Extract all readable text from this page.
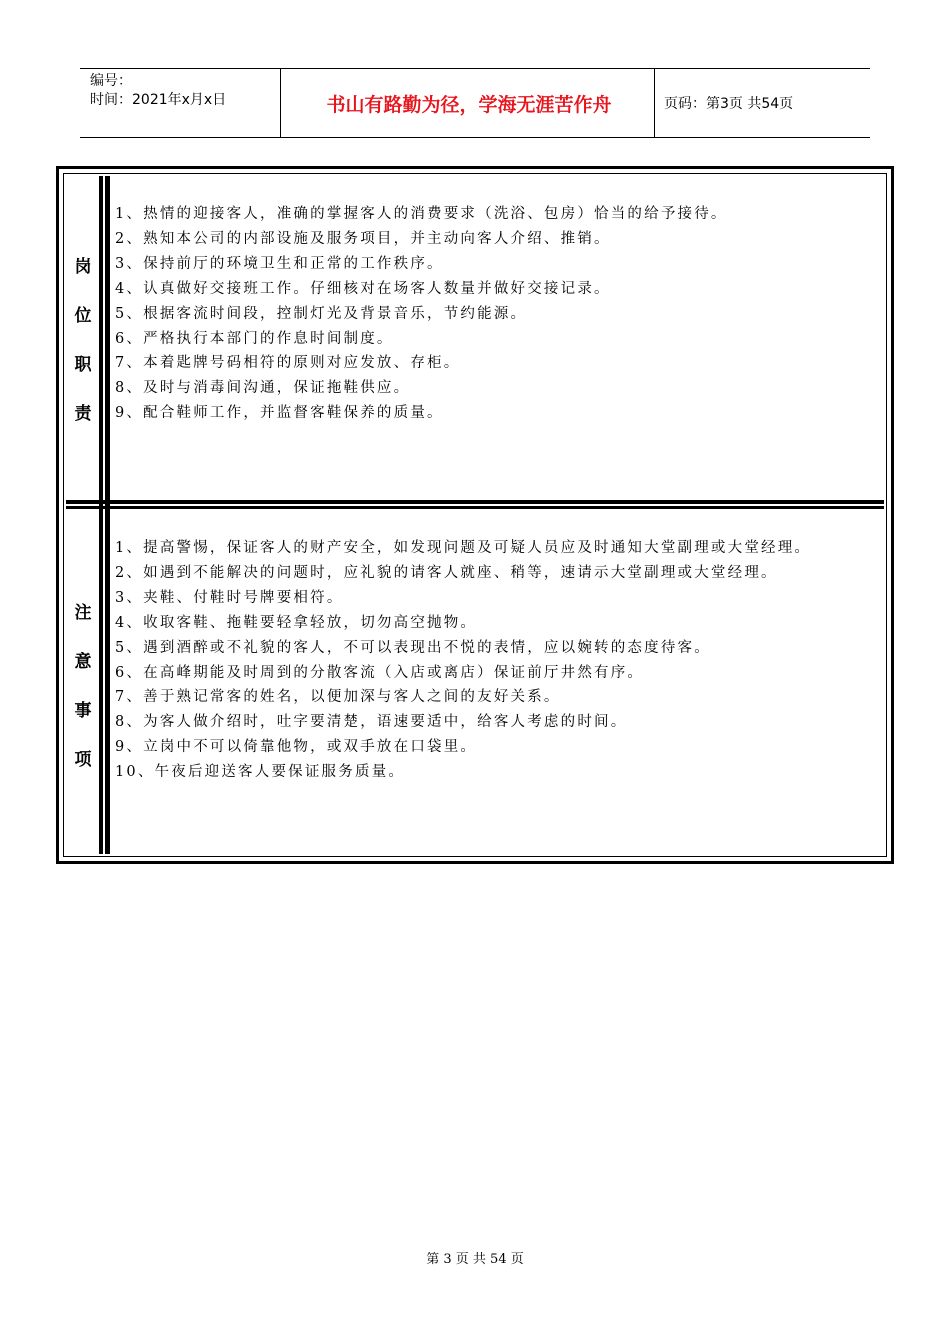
编号：
时间：2021年x月x日	书山有路勤为径，学海无涯苦作舟	页码：第3页 共54页
岗
位
职
责
1、热情的迎接客人，准确的掌握客人的消费要求（洗浴、包房）恰当的给予接待。
2、熟知本公司的内部设施及服务项目，并主动向客人介绍、推销。
3、保持前厅的环境卫生和正常的工作秩序。
4、认真做好交接班工作。仔细核对在场客人数量并做好交接记录。
5、根据客流时间段，控制灯光及背景音乐，节约能源。
6、严格执行本部门的作息时间制度。
7、本着匙牌号码相符的原则对应发放、存柜。
8、及时与消毒间沟通，保证拖鞋供应。
9、配合鞋师工作，并监督客鞋保养的质量。
注
意
事
项
1、提高警惕，保证客人的财产安全，如发现问题及可疑人员应及时通知大堂副理或大堂经理。
2、如遇到不能解决的问题时，应礼貌的请客人就座、稍等，速请示大堂副理或大堂经理。
3、夹鞋、付鞋时号牌要相符。
4、收取客鞋、拖鞋要轻拿轻放，切勿高空抛物。
5、遇到酒醉或不礼貌的客人，不可以表现出不悦的表情，应以婉转的态度待客。
6、在高峰期能及时周到的分散客流（入店或离店）保证前厅井然有序。
7、善于熟记常客的姓名，以便加深与客人之间的友好关系。
8、为客人做介绍时，吐字要清楚，语速要适中，给客人考虑的时间。
9、立岗中不可以倚靠他物，或双手放在口袋里。
10、午夜后迎送客人要保证服务质量。
第 3 页 共 54 页
